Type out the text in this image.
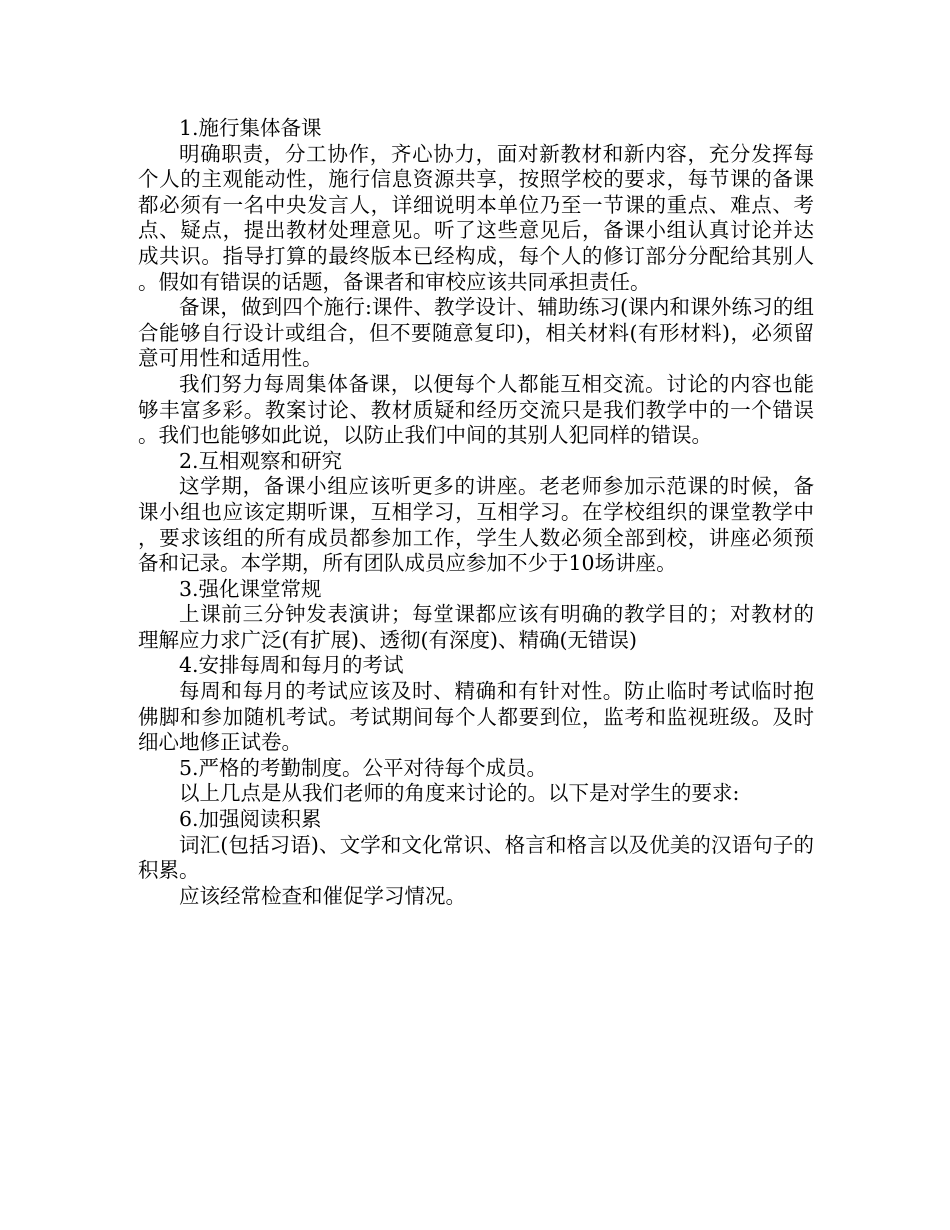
1.施行集体备课

明确职责，分工协作，齐心协力，面对新教材和新内容，充分发挥每个人的主观能动性，施行信息资源共享，按照学校的要求，每节课的备课都必须有一名中央发言人，详细说明本单位乃至一节课的重点、难点、考点、疑点，提出教材处理意见。听了这些意见后，备课小组认真讨论并达成共识。指导打算的最终版本已经构成，每个人的修订部分分配给其别人。假如有错误的话题，备课者和审校应该共同承担责任。

备课，做到四个施行:课件、教学设计、辅助练习(课内和课外练习的组合能够自行设计或组合，但不要随意复印)，相关材料(有形材料)，必须留意可用性和适用性。

我们努力每周集体备课，以便每个人都能互相交流。讨论的内容也能够丰富多彩。教案讨论、教材质疑和经历交流只是我们教学中的一个错误。我们也能够如此说，以防止我们中间的其别人犯同样的错误。

2.互相观察和研究

这学期，备课小组应该听更多的讲座。老老师参加示范课的时候，备课小组也应该定期听课，互相学习，互相学习。在学校组织的课堂教学中，要求该组的所有成员都参加工作，学生人数必须全部到校，讲座必须预备和记录。本学期，所有团队成员应参加不少于10场讲座。

3.强化课堂常规

上课前三分钟发表演讲；每堂课都应该有明确的教学目的；对教材的理解应力求广泛(有扩展)、透彻(有深度)、精确(无错误)

4.安排每周和每月的考试

每周和每月的考试应该及时、精确和有针对性。防止临时考试临时抱佛脚和参加随机考试。考试期间每个人都要到位，监考和监视班级。及时细心地修正试卷。

5.严格的考勤制度。公平对待每个成员。

以上几点是从我们老师的角度来讨论的。以下是对学生的要求:

6.加强阅读积累

词汇(包括习语)、文学和文化常识、格言和格言以及优美的汉语句子的积累。

应该经常检查和催促学习情况。
